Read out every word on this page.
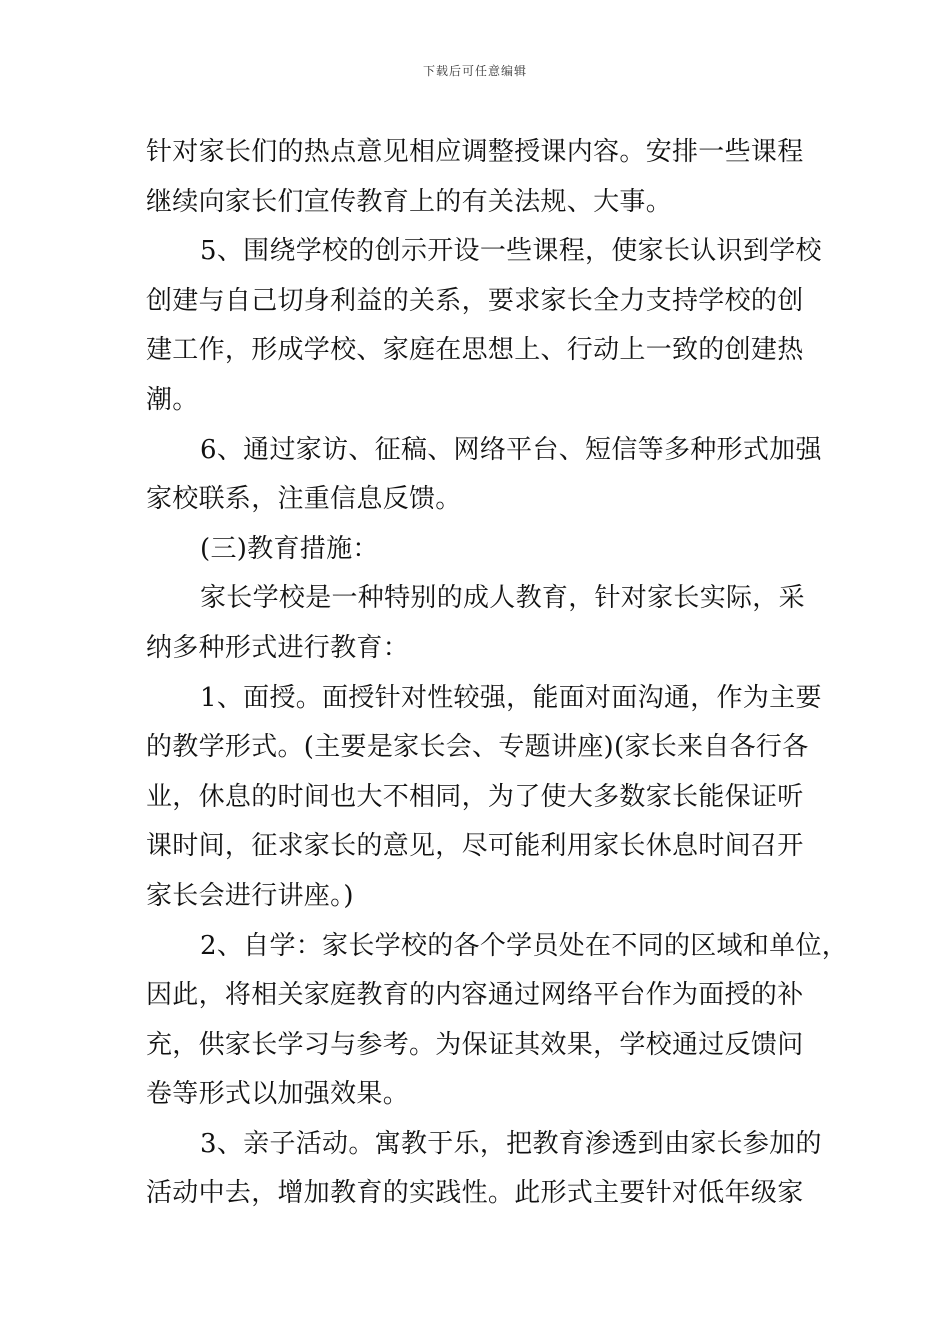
下载后可任意编辑
针对家长们的热点意见相应调整授课内容。安排一些课程
继续向家长们宣传教育上的有关法规、大事。
5、围绕学校的创示开设一些课程，使家长认识到学校
创建与自己切身利益的关系，要求家长全力支持学校的创
建工作，形成学校、家庭在思想上、行动上一致的创建热
潮。
6、通过家访、征稿、网络平台、短信等多种形式加强
家校联系，注重信息反馈。
(三)教育措施：
家长学校是一种特别的成人教育，针对家长实际，采
纳多种形式进行教育：
1、面授。面授针对性较强，能面对面沟通，作为主要
的教学形式。(主要是家长会、专题讲座)(家长来自各行各
业，休息的时间也大不相同，为了使大多数家长能保证听
课时间，征求家长的意见，尽可能利用家长休息时间召开
家长会进行讲座。)
2、自学：家长学校的各个学员处在不同的区域和单位，
因此，将相关家庭教育的内容通过网络平台作为面授的补
充，供家长学习与参考。为保证其效果，学校通过反馈问
卷等形式以加强效果。
3、亲子活动。寓教于乐，把教育渗透到由家长参加的
活动中去，增加教育的实践性。此形式主要针对低年级家
